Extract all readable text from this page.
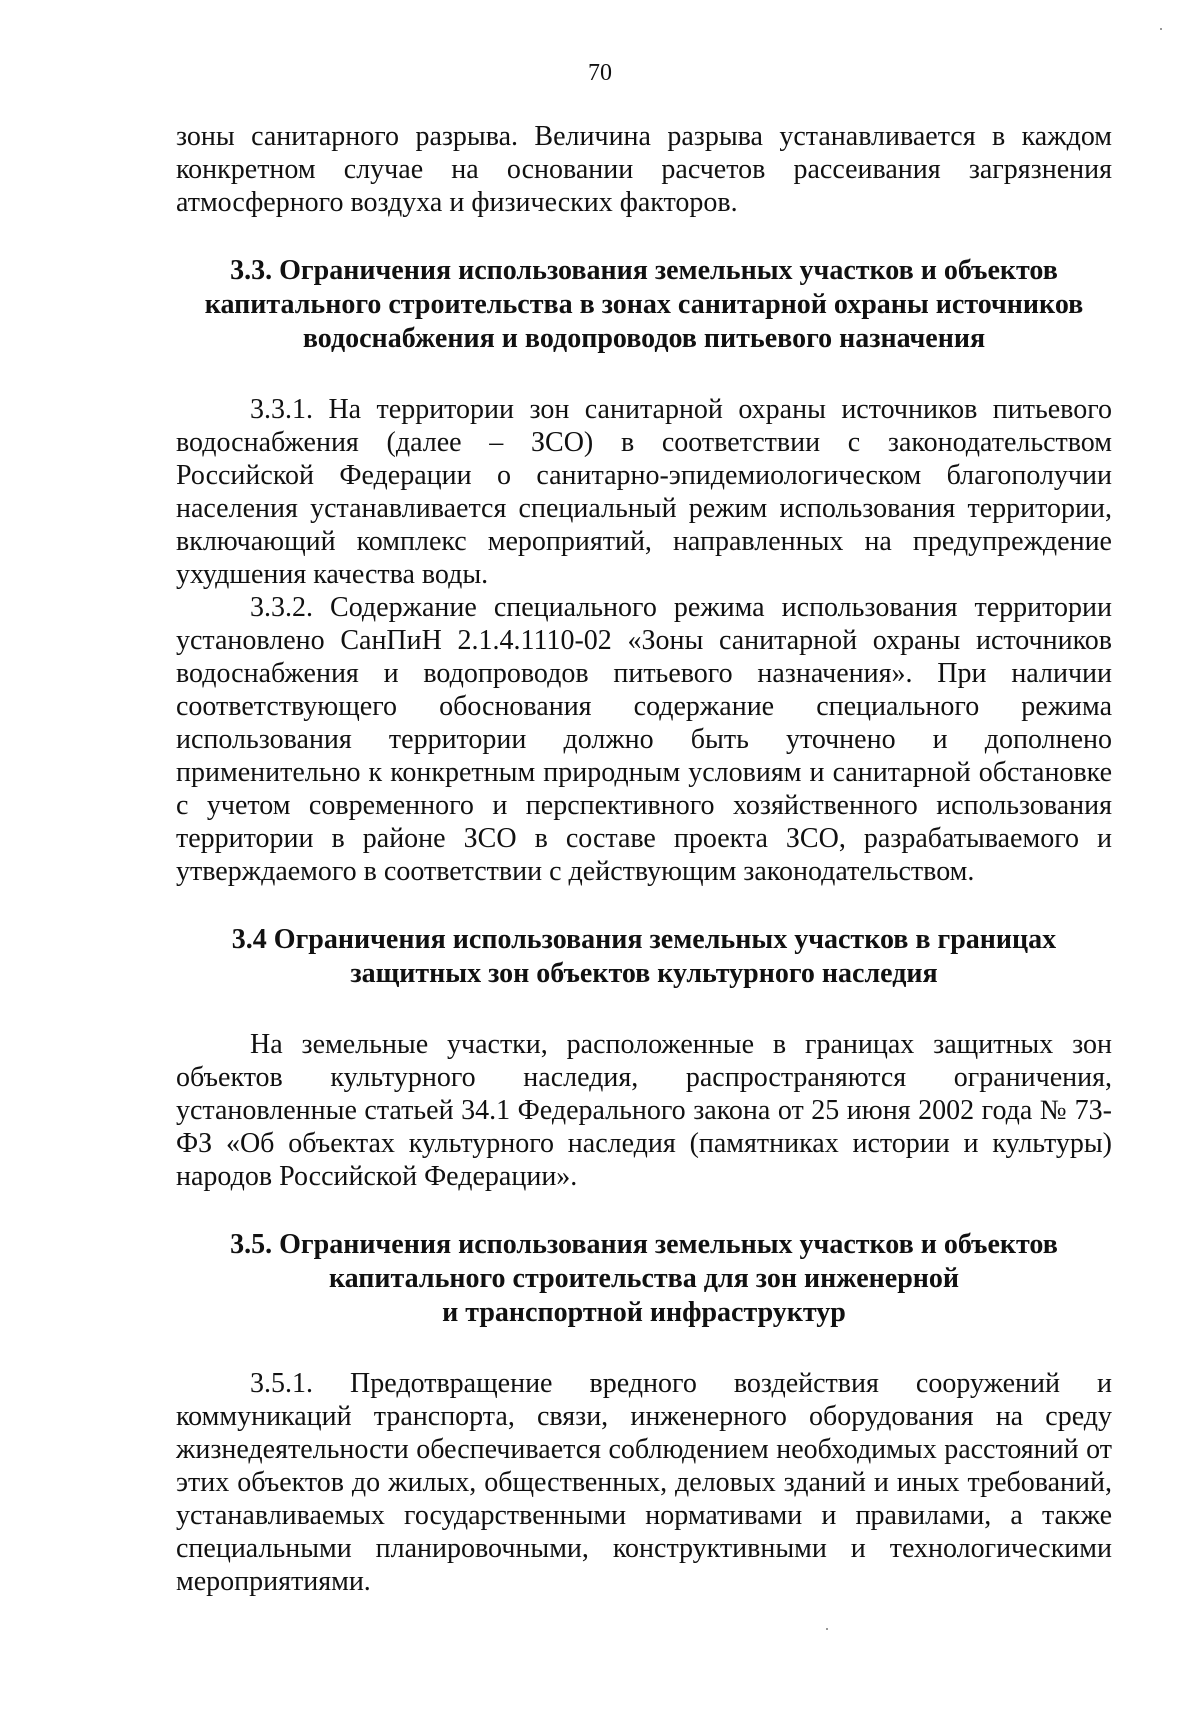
70

зоны санитарного разрыва. Величина разрыва устанавливается в каждом конкретном случае на основании расчетов рассеивания загрязнения атмосферного воздуха и физических факторов.

3.3. Ограничения использования земельных участков и объектов
капитального строительства в зонах санитарной охраны источников
водоснабжения и водопроводов питьевого назначения

3.3.1. На территории зон санитарной охраны источников питьевого водоснабжения (далее – ЗСО) в соответствии с законодательством Российской Федерации о санитарно-эпидемиологическом благополучии населения устанавливается специальный режим использования территории, включающий комплекс мероприятий, направленных на предупреждение ухудшения качества воды.

3.3.2. Содержание специального режима использования территории установлено СанПиН 2.1.4.1110-02 «Зоны санитарной охраны источников водоснабжения и водопроводов питьевого назначения». При наличии соответствующего обоснования содержание специального режима использования территории должно быть уточнено и дополнено применительно к конкретным природным условиям и санитарной обстановке с учетом современного и перспективного хозяйственного использования территории в районе ЗСО в составе проекта ЗСО, разрабатываемого и утверждаемого в соответствии с действующим законодательством.

3.4 Ограничения использования земельных участков в границах
защитных зон объектов культурного наследия

На земельные участки, расположенные в границах защитных зон объектов культурного наследия, распространяются ограничения, установленные статьей 34.1 Федерального закона от 25 июня 2002 года № 73-ФЗ «Об объектах культурного наследия (памятниках истории и культуры) народов Российской Федерации».

3.5. Ограничения использования земельных участков и объектов
капитального строительства для зон инженерной
и транспортной инфраструктур

3.5.1. Предотвращение вредного воздействия сооружений и коммуникаций транспорта, связи, инженерного оборудования на среду жизнедеятельности обеспечивается соблюдением необходимых расстояний от этих объектов до жилых, общественных, деловых зданий и иных требований, устанавливаемых государственными нормативами и правилами, а также специальными планировочными, конструктивными и технологическими мероприятиями.
